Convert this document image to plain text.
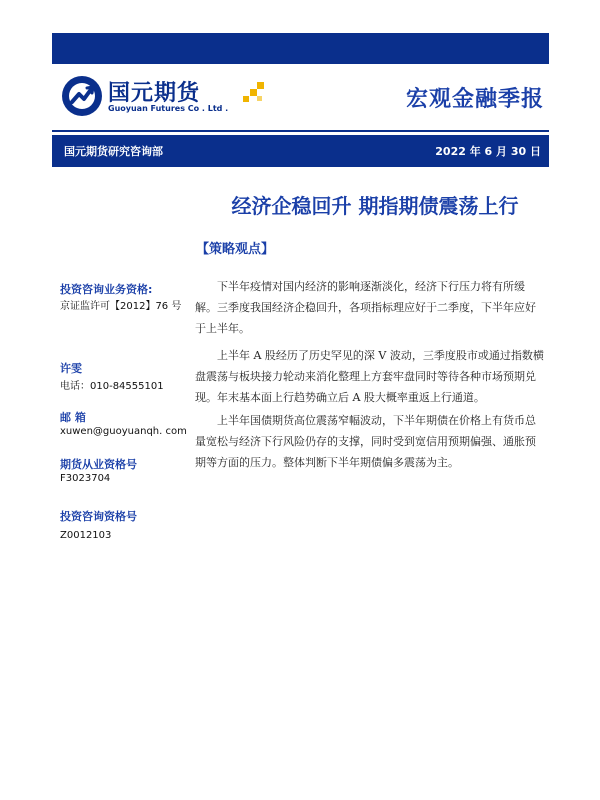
国元期货
Guoyuan Futures Co . Ltd .	宏观金融季报
国元期货研究咨询部	2022 年 6 月 30 日
投资咨询业务资格:
京证监许可【2012】76 号
许雯
电话：010-84555101
邮 箱
xuwen@guoyuanqh. com
期货从业资格号
F3023704
投资咨询资格号
Z0012103
经济企稳回升 期指期债震荡上行
【策略观点】

下半年疫情对国内经济的影响逐渐淡化，经济下行压力将有所缓解。三季度我国经济企稳回升，各项指标理应好于二季度，下半年应好于上半年。

上半年 A 股经历了历史罕见的深 V 波动，三季度股市或通过指数横盘震荡与板块接力轮动来消化整理上方套牢盘同时等待各种市场预期兑现。年末基本面上行趋势确立后 A 股大概率重返上行通道。

上半年国债期货高位震荡窄幅波动，下半年期债在价格上有货币总量宽松与经济下行风险仍存的支撑，同时受到宽信用预期偏强、通胀预期等方面的压力。整体判断下半年期债偏多震荡为主。
